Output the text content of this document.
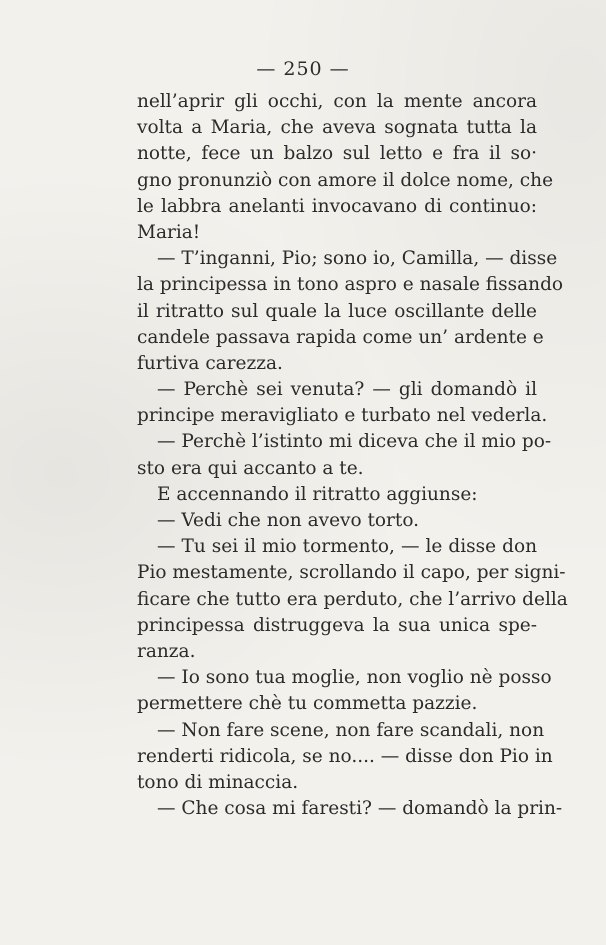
— 250 —
nell’aprir gli occhi, con la mente ancora
volta a Maria, che aveva sognata tutta la
notte, fece un balzo sul letto e fra il so·
gno pronunziò con amore il dolce nome, che
le labbra anelanti invocavano di continuo:
Maria!
— T’inganni, Pio; sono io, Camilla, — disse
la principessa in tono aspro e nasale fissando
il ritratto sul quale la luce oscillante delle
candele passava rapida come un’ ardente e
furtiva carezza.
— Perchè sei venuta? — gli domandò il
principe meravigliato e turbato nel vederla.
— Perchè l’istinto mi diceva che il mio po-
sto era qui accanto a te.
E accennando il ritratto aggiunse:
— Vedi che non avevo torto.
— Tu sei il mio tormento, — le disse don
Pio mestamente, scrollando il capo, per signi-
ficare che tutto era perduto, che l’arrivo della
principessa distruggeva la sua unica spe-
ranza.
— Io sono tua moglie, non voglio nè posso
permettere chè tu commetta pazzie.
— Non fare scene, non fare scandali, non
renderti ridicola, se no.... — disse don Pio in
tono di minaccia.
— Che cosa mi faresti? — domandò la prin-
